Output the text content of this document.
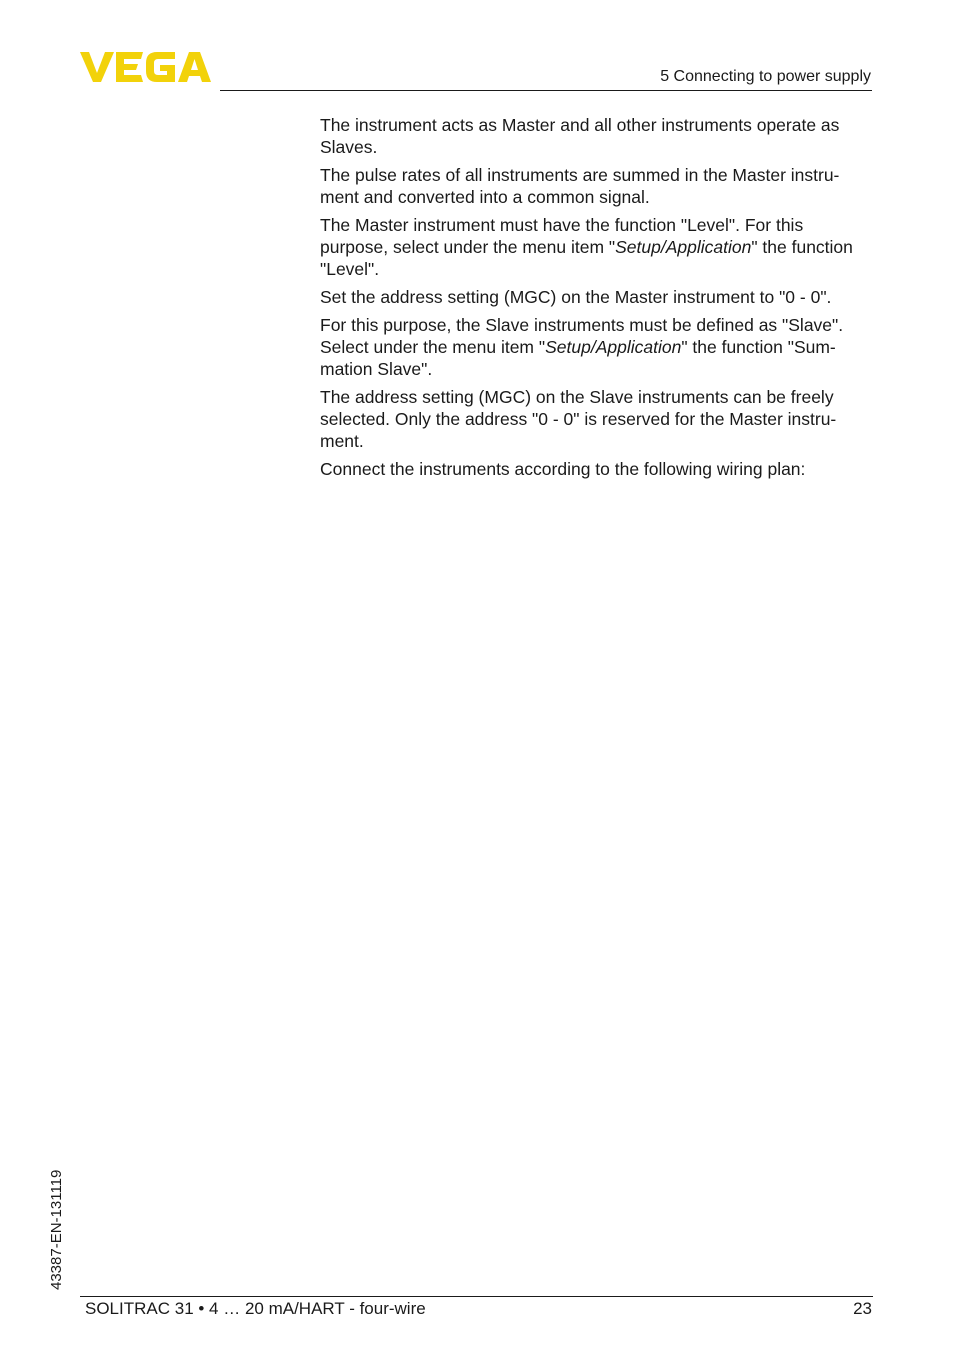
5 Connecting to power supply

The instrument acts as Master and all other instruments operate as Slaves.

The pulse rates of all instruments are summed in the Master instru-ment and converted into a common signal.

The Master instrument must have the function "Level". For this purpose, select under the menu item "Setup/Application" the function "Level".

Set the address setting (MGC) on the Master instrument to "0 - 0".

For this purpose, the Slave instruments must be defined as "Slave". Select under the menu item "Setup/Application" the function "Sum-mation Slave".

The address setting (MGC) on the Slave instruments can be freely selected. Only the address "0 - 0" is reserved for the Master instru-ment.

Connect the instruments according to the following wiring plan:

43387-EN-131119
SOLITRAC 31 • 4 … 20 mA/HART - four-wire	23
